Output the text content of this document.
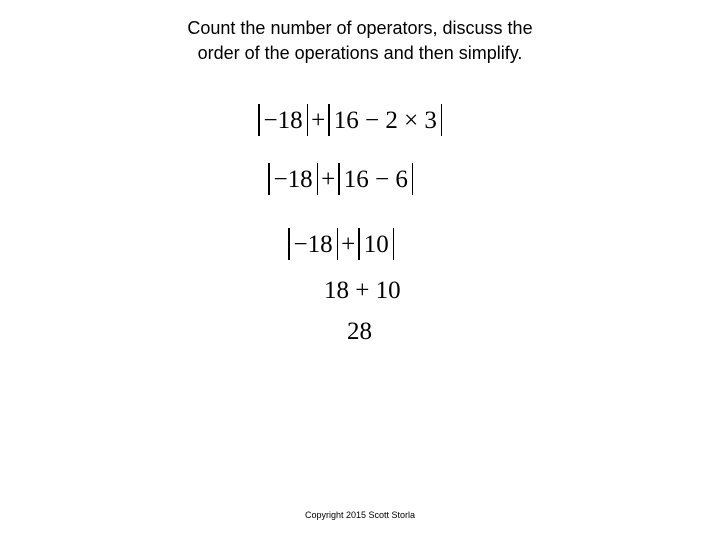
Count the number of operators, discuss the
order of the operations and then simplify.
−18 + 16 − 2 × 3
−18 + 16 − 6
−18 + 10
18 + 10
28
Copyright 2015 Scott Storla
